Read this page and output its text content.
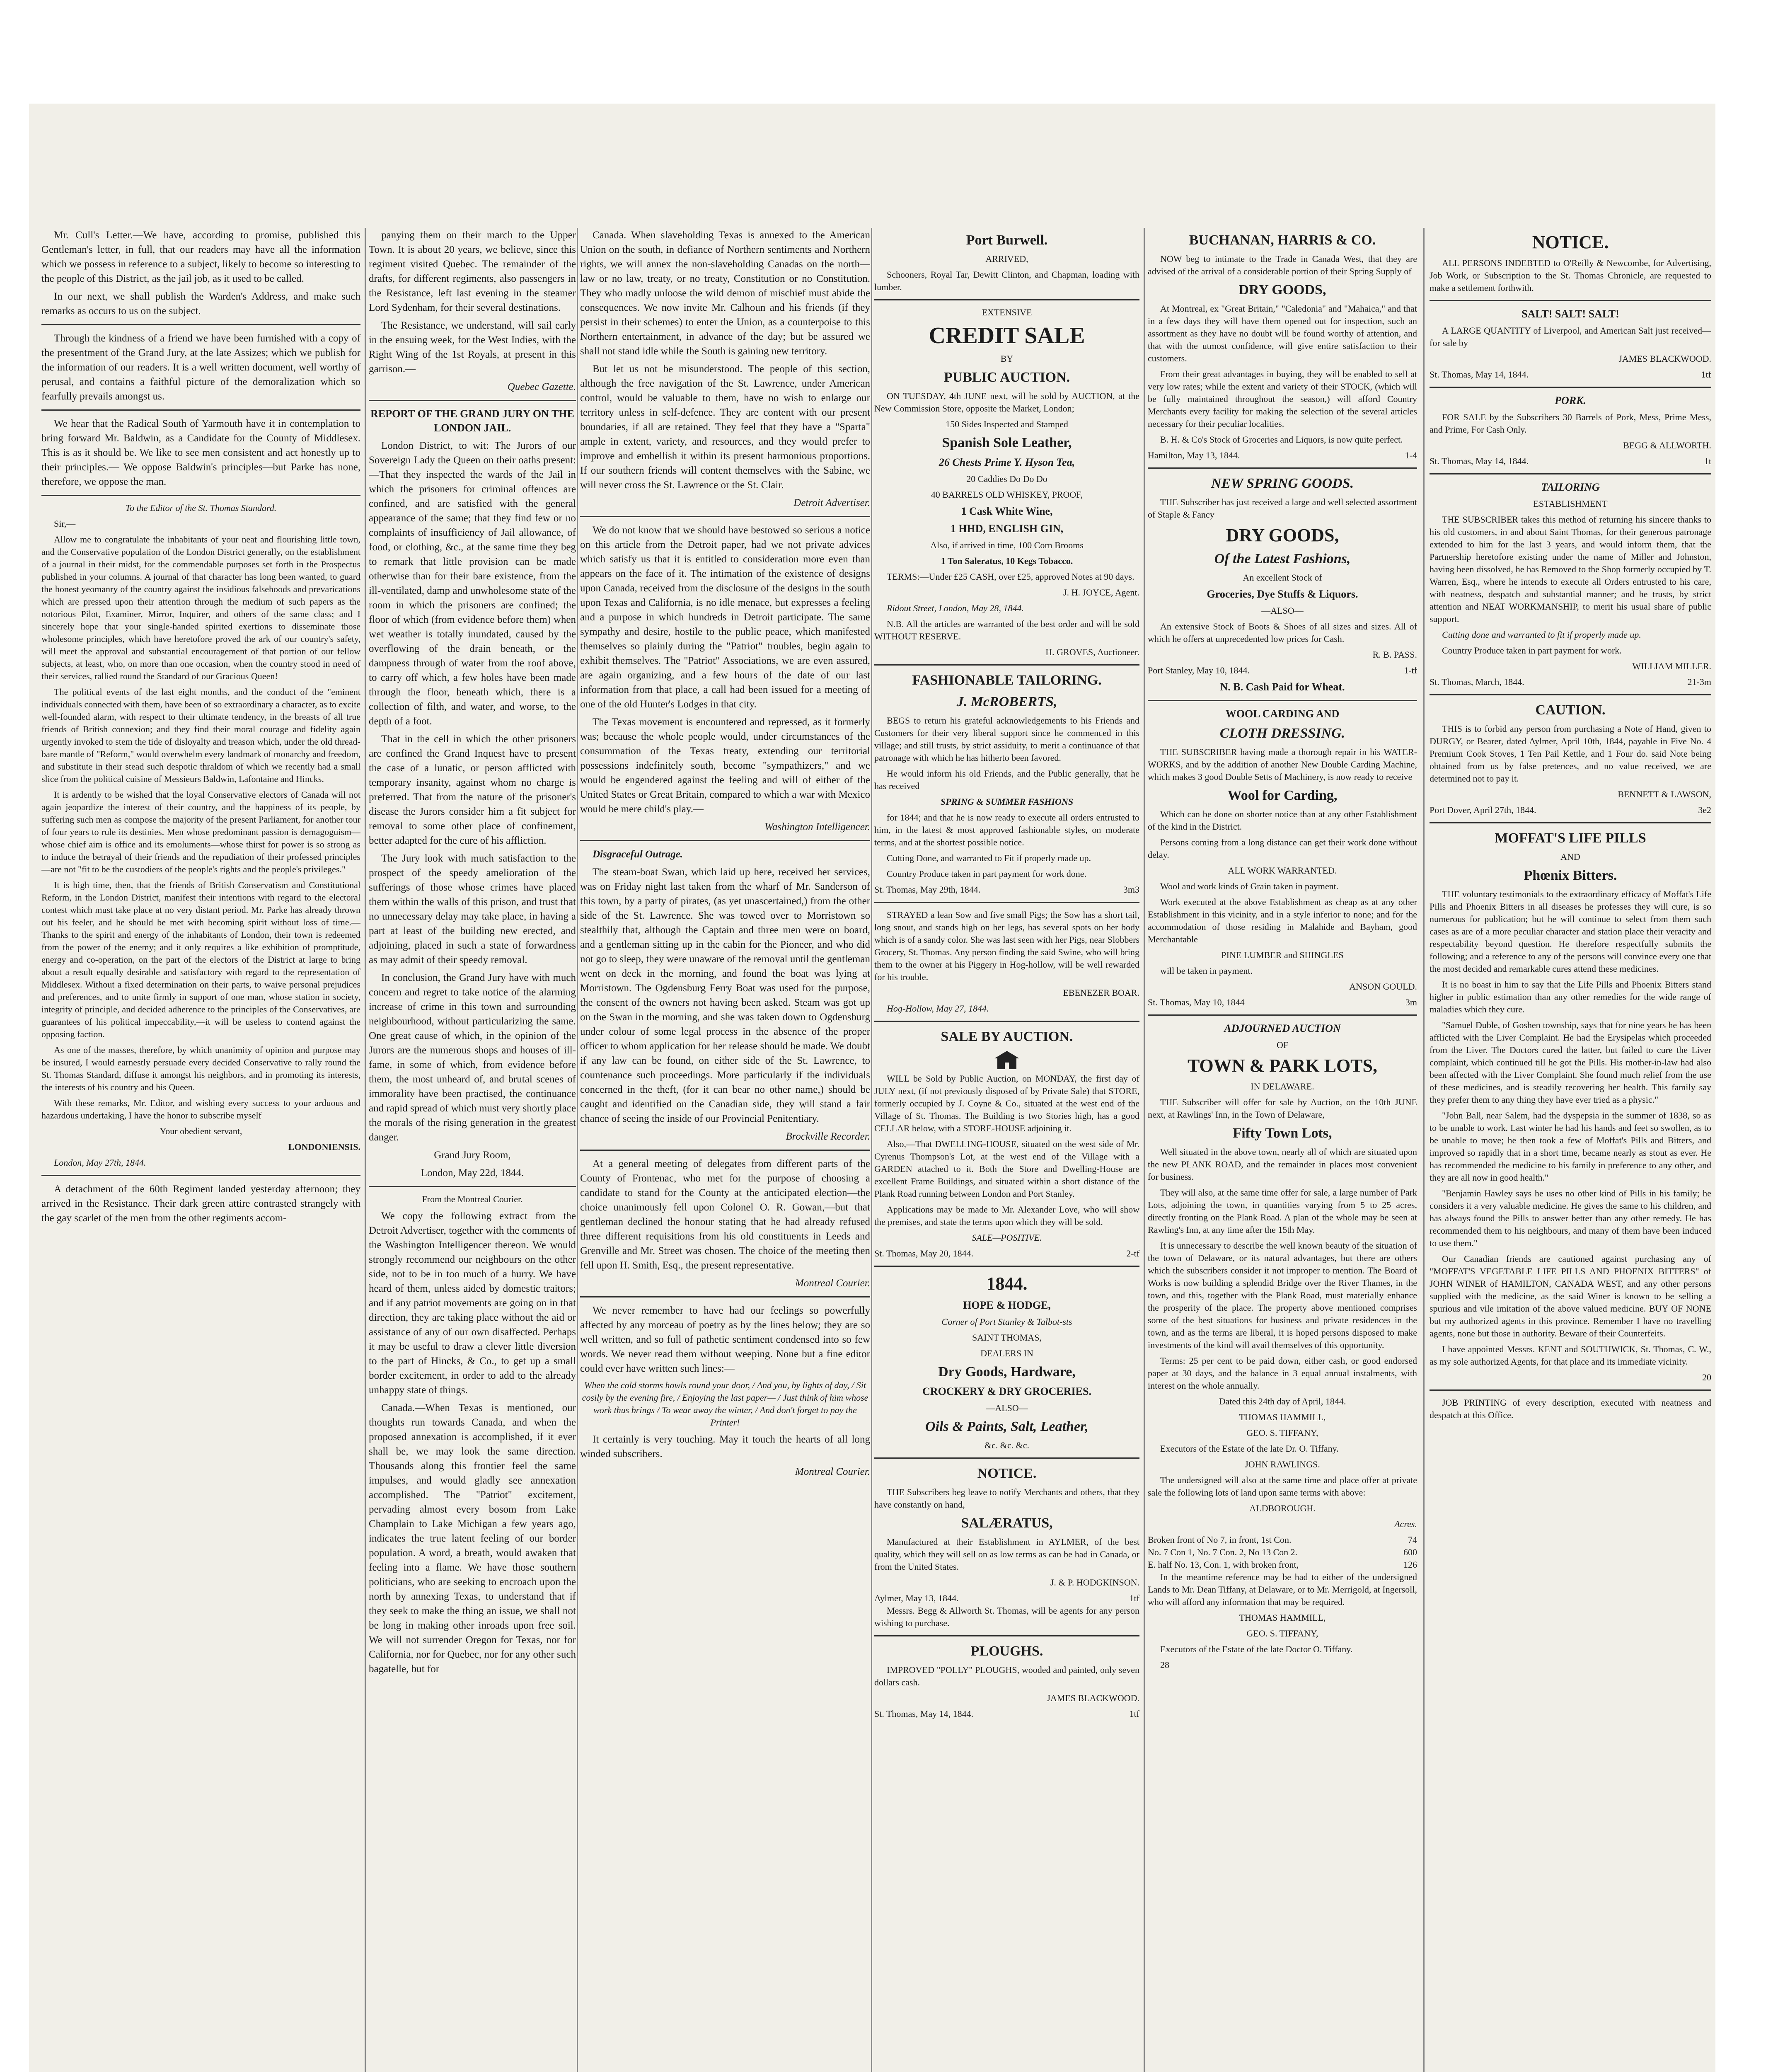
Mr. Cull's Letter.—We have, according to promise, published this Gentleman's letter, in full, that our readers may have all the information which we possess in reference to a subject, likely to become so interesting to the people of this District, as the jail job, as it used to be called.

In our next, we shall publish the Warden's Address, and make such remarks as occurs to us on the subject.

Through the kindness of a friend we have been furnished with a copy of the presentment of the Grand Jury, at the late Assizes; which we publish for the information of our readers. It is a well written document, well worthy of perusal, and contains a faithful picture of the demoralization which so fearfully prevails amongst us.

We hear that the Radical South of Yarmouth have it in contemplation to bring forward Mr. Baldwin, as a Candidate for the County of Middlesex. This is as it should be. We like to see men consistent and act honestly up to their principles.— We oppose Baldwin's principles—but Parke has none, therefore, we oppose the man.

To the Editor of the St. Thomas Standard.

Sir,—

Allow me to congratulate the inhabitants of your neat and flourishing little town, and the Conservative population of the London District generally, on the establishment of a journal in their midst, for the commendable purposes set forth in the Prospectus published in your columns. A journal of that character has long been wanted, to guard the honest yeomanry of the country against the insidious falsehoods and prevarications which are pressed upon their attention through the medium of such papers as the notorious Pilot, Examiner, Mirror, Inquirer, and others of the same class; and I sincerely hope that your single-handed spirited exertions to disseminate those wholesome principles, which have heretofore proved the ark of our country's safety, will meet the approval and substantial encouragement of that portion of our fellow subjects, at least, who, on more than one occasion, when the country stood in need of their services, rallied round the Standard of our Gracious Queen!

The political events of the last eight months, and the conduct of the "eminent individuals connected with them, have been of so extraordinary a character, as to excite well-founded alarm, with respect to their ultimate tendency, in the breasts of all true friends of British connexion; and they find their moral courage and fidelity again urgently invoked to stem the tide of disloyalty and treason which, under the old thread-bare mantle of "Reform," would overwhelm every landmark of monarchy and freedom, and substitute in their stead such despotic thraldom of which we recently had a small slice from the political cuisine of Messieurs Baldwin, Lafontaine and Hincks.

It is ardently to be wished that the loyal Conservative electors of Canada will not again jeopardize the interest of their country, and the happiness of its people, by suffering such men as compose the majority of the present Parliament, for another tour of four years to rule its destinies. Men whose predominant passion is demagoguism—whose chief aim is office and its emoluments—whose thirst for power is so strong as to induce the betrayal of their friends and the repudiation of their professed principles—are not "fit to be the custodiers of the people's rights and the people's privileges."

It is high time, then, that the friends of British Conservatism and Constitutional Reform, in the London District, manifest their intentions with regard to the electoral contest which must take place at no very distant period. Mr. Parke has already thrown out his feeler, and he should be met with becoming spirit without loss of time.— Thanks to the spirit and energy of the inhabitants of London, their town is redeemed from the power of the enemy; and it only requires a like exhibition of promptitude, energy and co-operation, on the part of the electors of the District at large to bring about a result equally desirable and satisfactory with regard to the representation of Middlesex. Without a fixed determination on their parts, to waive personal prejudices and preferences, and to unite firmly in support of one man, whose station in society, integrity of principle, and decided adherence to the principles of the Conservatives, are guarantees of his political impeccability,—it will be useless to contend against the opposing faction.

As one of the masses, therefore, by which unanimity of opinion and purpose may be insured, I would earnestly persuade every decided Conservative to rally round the St. Thomas Standard, diffuse it amongst his neighbors, and in promoting its interests, the interests of his country and his Queen.

With these remarks, Mr. Editor, and wishing every success to your arduous and hazardous undertaking, I have the honor to subscribe myself

Your obedient servant,

LONDONIENSIS.

London, May 27th, 1844.

A detachment of the 60th Regiment landed yesterday afternoon; they arrived in the Resistance. Their dark green attire contrasted strangely with the gay scarlet of the men from the other regiments accom-

panying them on their march to the Upper Town. It is about 20 years, we believe, since this regiment visited Quebec. The remainder of the drafts, for different regiments, also passengers in the Resistance, left last evening in the steamer Lord Sydenham, for their several destinations.

The Resistance, we understand, will sail early in the ensuing week, for the West Indies, with the Right Wing of the 1st Royals, at present in this garrison.—

Quebec Gazette.

REPORT OF THE GRAND JURY ON THE LONDON JAIL.

London District, to wit: The Jurors of our Sovereign Lady the Queen on their oaths present:—That they inspected the wards of the Jail in which the prisoners for criminal offences are confined, and are satisfied with the general appearance of the same; that they find few or no complaints of insufficiency of Jail allowance, of food, or clothing, &c., at the same time they beg to remark that little provision can be made otherwise than for their bare existence, from the ill-ventilated, damp and unwholesome state of the room in which the prisoners are confined; the floor of which (from evidence before them) when wet weather is totally inundated, caused by the overflowing of the drain beneath, or the dampness through of water from the roof above, to carry off which, a few holes have been made through the floor, beneath which, there is a collection of filth, and water, and worse, to the depth of a foot.

That in the cell in which the other prisoners are confined the Grand Inquest have to present the case of a lunatic, or person afflicted with temporary insanity, against whom no charge is preferred. That from the nature of the prisoner's disease the Jurors consider him a fit subject for removal to some other place of confinement, better adapted for the cure of his affliction.

The Jury look with much satisfaction to the prospect of the speedy amelioration of the sufferings of those whose crimes have placed them within the walls of this prison, and trust that no unnecessary delay may take place, in having a part at least of the building new erected, and adjoining, placed in such a state of forwardness as may admit of their speedy removal.

In conclusion, the Grand Jury have with much concern and regret to take notice of the alarming increase of crime in this town and surrounding neighbourhood, without particularizing the same. One great cause of which, in the opinion of the Jurors are the numerous shops and houses of ill-fame, in some of which, from evidence before them, the most unheard of, and brutal scenes of immorality have been practised, the continuance and rapid spread of which must very shortly place the morals of the rising generation in the greatest danger.

Grand Jury Room,

London, May 22d, 1844.

From the Montreal Courier.

We copy the following extract from the Detroit Advertiser, together with the comments of the Washington Intelligencer thereon. We would strongly recommend our neighbours on the other side, not to be in too much of a hurry. We have heard of them, unless aided by domestic traitors; and if any patriot movements are going on in that direction, they are taking place without the aid or assistance of any of our own disaffected. Perhaps it may be useful to draw a clever little diversion to the part of Hincks, & Co., to get up a small border excitement, in order to add to the already unhappy state of things.

Canada.—When Texas is mentioned, our thoughts run towards Canada, and when the proposed annexation is accomplished, if it ever shall be, we may look the same direction. Thousands along this frontier feel the same impulses, and would gladly see annexation accomplished. The "Patriot" excitement, pervading almost every bosom from Lake Champlain to Lake Michigan a few years ago, indicates the true latent feeling of our border population. A word, a breath, would awaken that feeling into a flame. We have those southern politicians, who are seeking to encroach upon the north by annexing Texas, to understand that if they seek to make the thing an issue, we shall not be long in making other inroads upon free soil. We will not surrender Oregon for Texas, nor for California, nor for Quebec, nor for any other such bagatelle, but for

Canada. When slaveholding Texas is annexed to the American Union on the south, in defiance of Northern sentiments and Northern rights, we will annex the non-slaveholding Canadas on the north—law or no law, treaty, or no treaty, Constitution or no Constitution. They who madly unloose the wild demon of mischief must abide the consequences. We now invite Mr. Calhoun and his friends (if they persist in their schemes) to enter the Union, as a counterpoise to this Northern entertainment, in advance of the day; but be assured we shall not stand idle while the South is gaining new territory.

But let us not be misunderstood. The people of this section, although the free navigation of the St. Lawrence, under American control, would be valuable to them, have no wish to enlarge our territory unless in self-defence. They are content with our present boundaries, if all are retained. They feel that they have a "Sparta" ample in extent, variety, and resources, and they would prefer to improve and embellish it within its present harmonious proportions. If our southern friends will content themselves with the Sabine, we will never cross the St. Lawrence or the St. Clair.

Detroit Advertiser.

We do not know that we should have bestowed so serious a notice on this article from the Detroit paper, had we not private advices which satisfy us that it is entitled to consideration more even than appears on the face of it. The intimation of the existence of designs upon Canada, received from the disclosure of the designs in the south upon Texas and California, is no idle menace, but expresses a feeling and a purpose in which hundreds in Detroit participate. The same sympathy and desire, hostile to the public peace, which manifested themselves so plainly during the "Patriot" troubles, begin again to exhibit themselves. The "Patriot" Associations, we are even assured, are again organizing, and a few hours of the date of our last information from that place, a call had been issued for a meeting of one of the old Hunter's Lodges in that city.

The Texas movement is encountered and repressed, as it formerly was; because the whole people would, under circumstances of the consummation of the Texas treaty, extending our territorial possessions indefinitely south, become "sympathizers," and we would be engendered against the feeling and will of either of the United States or Great Britain, compared to which a war with Mexico would be mere child's play.—

Washington Intelligencer.

Disgraceful Outrage.

The steam-boat Swan, which laid up here, received her services, was on Friday night last taken from the wharf of Mr. Sanderson of this town, by a party of pirates, (as yet unascertained,) from the other side of the St. Lawrence. She was towed over to Morristown so stealthily that, although the Captain and three men were on board, and a gentleman sitting up in the cabin for the Pioneer, and who did not go to sleep, they were unaware of the removal until the gentleman went on deck in the morning, and found the boat was lying at Morristown. The Ogdensburg Ferry Boat was used for the purpose, the consent of the owners not having been asked. Steam was got up on the Swan in the morning, and she was taken down to Ogdensburg under colour of some legal process in the absence of the proper officer to whom application for her release should be made. We doubt if any law can be found, on either side of the St. Lawrence, to countenance such proceedings. More particularly if the individuals concerned in the theft, (for it can bear no other name,) should be caught and identified on the Canadian side, they will stand a fair chance of seeing the inside of our Provincial Penitentiary.

Brockville Recorder.

At a general meeting of delegates from different parts of the County of Frontenac, who met for the purpose of choosing a candidate to stand for the County at the anticipated election—the choice unanimously fell upon Colonel O. R. Gowan,—but that gentleman declined the honour stating that he had already refused three different requisitions from his old constituents in Leeds and Grenville and Mr. Street was chosen. The choice of the meeting then fell upon H. Smith, Esq., the present representative.

Montreal Courier.

We never remember to have had our feelings so powerfully affected by any morceau of poetry as by the lines below; they are so well written, and so full of pathetic sentiment condensed into so few words. We never read them without weeping. None but a fine editor could ever have written such lines:—

When the cold storms howls round your door, / And you, by lights of day, / Sit cosily by the evening fire, / Enjoying the last paper— / Just think of him whose work thus brings / To wear away the winter, / And don't forget to pay the Printer!

It certainly is very touching. May it touch the hearts of all long winded subscribers.

Montreal Courier.

Port Burwell.

ARRIVED,

Schooners, Royal Tar, Dewitt Clinton, and Chapman, loading with lumber.

EXTENSIVE

CREDIT SALE

BY

PUBLIC AUCTION.

ON TUESDAY, 4th JUNE next, will be sold by AUCTION, at the New Commission Store, opposite the Market, London;

150 Sides Inspected and Stamped

Spanish Sole Leather,

26 Chests Prime Y. Hyson Tea,

20 Caddies Do Do Do

40 BARRELS OLD WHISKEY, PROOF,

1 Cask White Wine,

1 HHD, ENGLISH GIN,

Also, if arrived in time, 100 Corn Brooms

1 Ton Saleratus, 10 Kegs Tobacco.

TERMS:—Under £25 CASH, over £25, approved Notes at 90 days.

J. H. JOYCE, Agent.

Ridout Street, London, May 28, 1844.

N.B. All the articles are warranted of the best order and will be sold WITHOUT RESERVE.

H. GROVES, Auctioneer.

FASHIONABLE TAILORING.

J. McROBERTS,

BEGS to return his grateful acknowledgements to his Friends and Customers for their very liberal support since he commenced in this village; and still trusts, by strict assiduity, to merit a continuance of that patronage with which he has hitherto been favored.

He would inform his old Friends, and the Public generally, that he has received

SPRING & SUMMER FASHIONS

for 1844; and that he is now ready to execute all orders entrusted to him, in the latest & most approved fashionable styles, on moderate terms, and at the shortest possible notice.

Cutting Done, and warranted to Fit if properly made up.

Country Produce taken in part payment for work done.

St. Thomas, May 29th, 1844.	3m3

STRAYED a lean Sow and five small Pigs; the Sow has a short tail, long snout, and stands high on her legs, has several spots on her body which is of a sandy color. She was last seen with her Pigs, near Slobbers Grocery, St. Thomas. Any person finding the said Swine, who will bring them to the owner at his Piggery in Hog-hollow, will be well rewarded for his trouble.

EBENEZER BOAR.

Hog-Hollow, May 27, 1844.

SALE BY AUCTION.

WILL be Sold by Public Auction, on MONDAY, the first day of JULY next, (if not previously disposed of by Private Sale) that STORE, formerly occupied by J. Coyne & Co., situated at the west end of the Village of St. Thomas. The Building is two Stories high, has a good CELLAR below, with a STORE-HOUSE adjoining it.

Also,—That DWELLING-HOUSE, situated on the west side of Mr. Cyrenus Thompson's Lot, at the west end of the Village with a GARDEN attached to it. Both the Store and Dwelling-House are excellent Frame Buildings, and situated within a short distance of the Plank Road running between London and Port Stanley.

Applications may be made to Mr. Alexander Love, who will show the premises, and state the terms upon which they will be sold.

SALE—POSITIVE.

St. Thomas, May 20, 1844.	2-tf

1844.

HOPE & HODGE,

Corner of Port Stanley & Talbot-sts

SAINT THOMAS,

DEALERS IN

Dry Goods, Hardware,

CROCKERY & DRY GROCERIES.

—ALSO—

Oils & Paints, Salt, Leather,

&c. &c. &c.

NOTICE.

THE Subscribers beg leave to notify Merchants and others, that they have constantly on hand,

SALÆRATUS,

Manufactured at their Establishment in AYLMER, of the best quality, which they will sell on as low terms as can be had in Canada, or from the United States.

J. & P. HODGKINSON.

Aylmer, May 13, 1844.	1tf

Messrs. Begg & Allworth St. Thomas, will be agents for any person wishing to purchase.

PLOUGHS.

IMPROVED "POLLY" PLOUGHS, wooded and painted, only seven dollars cash.

JAMES BLACKWOOD.

St. Thomas, May 14, 1844.	1tf

BUCHANAN, HARRIS & CO.

NOW beg to intimate to the Trade in Canada West, that they are advised of the arrival of a considerable portion of their Spring Supply of

DRY GOODS,

At Montreal, ex "Great Britain," "Caledonia" and "Mahaica," and that in a few days they will have them opened out for inspection, such an assortment as they have no doubt will be found worthy of attention, and that with the utmost confidence, will give entire satisfaction to their customers.

From their great advantages in buying, they will be enabled to sell at very low rates; while the extent and variety of their STOCK, (which will be fully maintained throughout the season,) will afford Country Merchants every facility for making the selection of the several articles necessary for their peculiar localities.

B. H. & Co's Stock of Groceries and Liquors, is now quite perfect.

Hamilton, May 13, 1844.	1-4

NEW SPRING GOODS.

THE Subscriber has just received a large and well selected assortment of Staple & Fancy

DRY GOODS,

Of the Latest Fashions,

An excellent Stock of

Groceries, Dye Stuffs & Liquors.

—ALSO—

An extensive Stock of Boots & Shoes of all sizes and sizes. All of which he offers at unprecedented low prices for Cash.

R. B. PASS.

Port Stanley, May 10, 1844.	1-tf

N. B. Cash Paid for Wheat.

WOOL CARDING AND

CLOTH DRESSING.

THE SUBSCRIBER having made a thorough repair in his WATER-WORKS, and by the addition of another New Double Carding Machine, which makes 3 good Double Setts of Machinery, is now ready to receive

Wool for Carding,

Which can be done on shorter notice than at any other Establishment of the kind in the District.

Persons coming from a long distance can get their work done without delay.

ALL WORK WARRANTED.

Wool and work kinds of Grain taken in payment.

Work executed at the above Establishment as cheap as at any other Establishment in this vicinity, and in a style inferior to none; and for the accommodation of those residing in Malahide and Bayham, good Merchantable

PINE LUMBER and SHINGLES

will be taken in payment.

ANSON GOULD.

St. Thomas, May 10, 1844	3m

ADJOURNED AUCTION

OF

TOWN & PARK LOTS,

IN DELAWARE.

THE Subscriber will offer for sale by Auction, on the 10th JUNE next, at Rawlings' Inn, in the Town of Delaware,

Fifty Town Lots,

Well situated in the above town, nearly all of which are situated upon the new PLANK ROAD, and the remainder in places most convenient for business.

They will also, at the same time offer for sale, a large number of Park Lots, adjoining the town, in quantities varying from 5 to 25 acres, directly fronting on the Plank Road. A plan of the whole may be seen at Rawling's Inn, at any time after the 15th May.

It is unnecessary to describe the well known beauty of the situation of the town of Delaware, or its natural advantages, but there are others which the subscribers consider it not improper to mention. The Board of Works is now building a splendid Bridge over the River Thames, in the town, and this, together with the Plank Road, must materially enhance the prosperity of the place. The property above mentioned comprises some of the best situations for business and private residences in the town, and as the terms are liberal, it is hoped persons disposed to make investments of the kind will avail themselves of this opportunity.

Terms: 25 per cent to be paid down, either cash, or good endorsed paper at 30 days, and the balance in 3 equal annual instalments, with interest on the whole annually.

Dated this 24th day of April, 1844.

THOMAS HAMMILL,

GEO. S. TIFFANY,

Executors of the Estate of the late Dr. O. Tiffany.

JOHN RAWLINGS.

The undersigned will also at the same time and place offer at private sale the following lots of land upon same terms with above:

ALDBOROUGH.

Acres.

Broken front of No 7, in front, 1st Con.	74
No. 7 Con 1, No. 7 Con. 2, No 13 Con 2.	600
E. half No. 13, Con. 1, with broken front,	126

In the meantime reference may be had to either of the undersigned Lands to Mr. Dean Tiffany, at Delaware, or to Mr. Merrigold, at Ingersoll, who will afford any information that may be required.

THOMAS HAMMILL,

GEO. S. TIFFANY,

Executors of the Estate of the late Doctor O. Tiffany.

28

NOTICE.

ALL PERSONS INDEBTED to O'Reilly & Newcombe, for Advertising, Job Work, or Subscription to the St. Thomas Chronicle, are requested to make a settlement forthwith.

SALT! SALT! SALT!

A LARGE QUANTITY of Liverpool, and American Salt just received—for sale by

JAMES BLACKWOOD.

St. Thomas, May 14, 1844.	1tf

PORK.

FOR SALE by the Subscribers 30 Barrels of Pork, Mess, Prime Mess, and Prime, For Cash Only.

BEGG & ALLWORTH.

St. Thomas, May 14, 1844.	1t

TAILORING

ESTABLISHMENT

THE SUBSCRIBER takes this method of returning his sincere thanks to his old customers, in and about Saint Thomas, for their generous patronage extended to him for the last 3 years, and would inform them, that the Partnership heretofore existing under the name of Miller and Johnston, having been dissolved, he has Removed to the Shop formerly occupied by T. Warren, Esq., where he intends to execute all Orders entrusted to his care, with neatness, despatch and substantial manner; and he trusts, by strict attention and NEAT WORKMANSHIP, to merit his usual share of public support.

Cutting done and warranted to fit if properly made up.

Country Produce taken in part payment for work.

WILLIAM MILLER.

St. Thomas, March, 1844.	21-3m

CAUTION.

THIS is to forbid any person from purchasing a Note of Hand, given to DURGY, or Bearer, dated Aylmer, April 10th, 1844, payable in Five No. 4 Premium Cook Stoves, 1 Ten Pail Kettle, and 1 Four do. said Note being obtained from us by false pretences, and no value received, we are determined not to pay it.

BENNETT & LAWSON,

Port Dover, April 27th, 1844.	3e2

MOFFAT'S LIFE PILLS

AND

Phœnix Bitters.

THE voluntary testimonials to the extraordinary efficacy of Moffat's Life Pills and Phoenix Bitters in all diseases he professes they will cure, is so numerous for publication; but he will continue to select from them such cases as are of a more peculiar character and station place their veracity and respectability beyond question. He therefore respectfully submits the following; and a reference to any of the persons will convince every one that the most decided and remarkable cures attend these medicines.

It is no boast in him to say that the Life Pills and Phoenix Bitters stand higher in public estimation than any other remedies for the wide range of maladies which they cure.

"Samuel Duble, of Goshen township, says that for nine years he has been afflicted with the Liver Complaint. He had the Erysipelas which proceeded from the Liver. The Doctors cured the latter, but failed to cure the Liver complaint, which continued till he got the Pills. His mother-in-law had also been affected with the Liver Complaint. She found much relief from the use of these medicines, and is steadily recovering her health. This family say they prefer them to any thing they have ever tried as a physic."

"John Ball, near Salem, had the dyspepsia in the summer of 1838, so as to be unable to work. Last winter he had his hands and feet so swollen, as to be unable to move; he then took a few of Moffat's Pills and Bitters, and improved so rapidly that in a short time, became nearly as stout as ever. He has recommended the medicine to his family in preference to any other, and they are all now in good health."

"Benjamin Hawley says he uses no other kind of Pills in his family; he considers it a very valuable medicine. He gives the same to his children, and has always found the Pills to answer better than any other remedy. He has recommended them to his neighbours, and many of them have been induced to use them."

Our Canadian friends are cautioned against purchasing any of "MOFFAT'S VEGETABLE LIFE PILLS AND PHOENIX BITTERS" of JOHN WINER of HAMILTON, CANADA WEST, and any other persons supplied with the medicine, as the said Winer is known to be selling a spurious and vile imitation of the above valued medicine. BUY OF NONE but my authorized agents in this province. Remember I have no travelling agents, none but those in authority. Beware of their Counterfeits.

I have appointed Messrs. KENT and SOUTHWICK, St. Thomas, C. W., as my sole authorized Agents, for that place and its immediate vicinity.

20

JOB PRINTING of every description, executed with neatness and despatch at this Office.
